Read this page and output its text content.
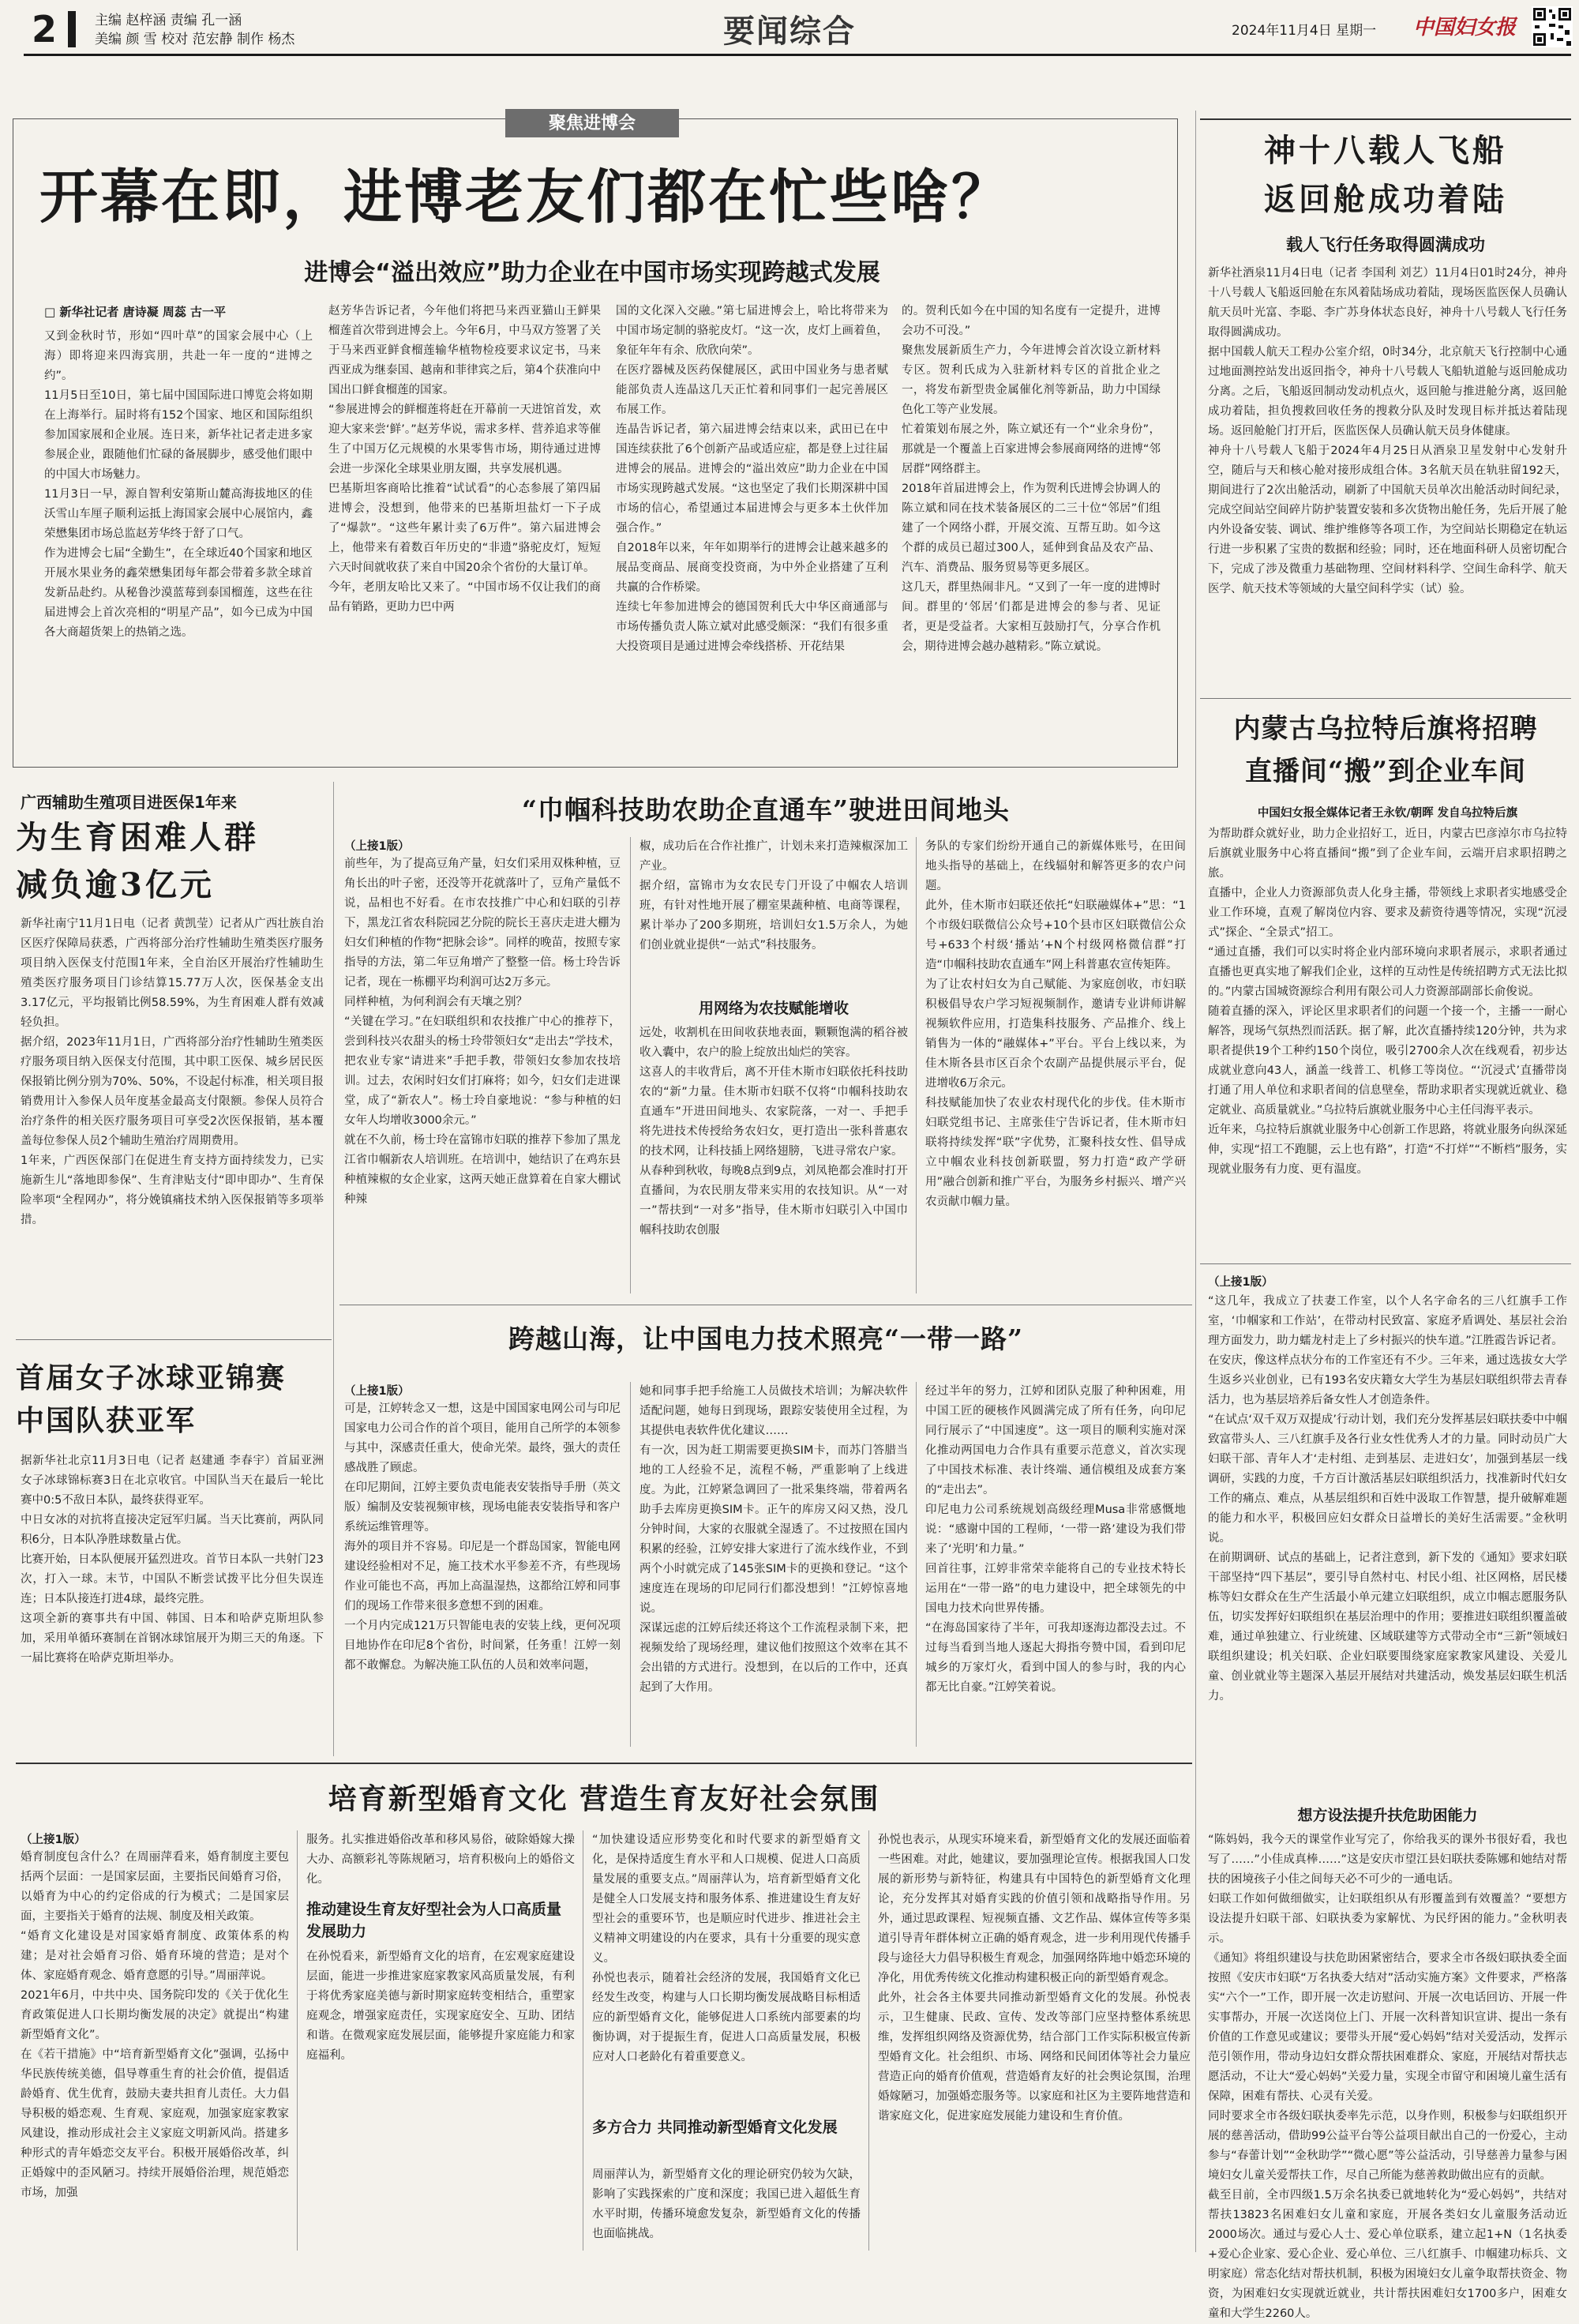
2	主编 赵梓涵 责编 孔一涵
美编 颜 雪 校对 范宏静 制作 杨杰	要闻综合	2024年11月4日 星期一	中国妇女报
聚焦进博会
开幕在即，进博老友们都在忙些啥？
进博会“溢出效应”助力企业在中国市场实现跨越式发展
□ 新华社记者 唐诗凝 周蕊 古一平
又到金秋时节，形如“四叶草”的国家会展中心（上海）即将迎来四海宾朋，共赴一年一度的“进博之约”。
11月5日至10日，第七届中国国际进口博览会将如期在上海举行。届时将有152个国家、地区和国际组织参加国家展和企业展。连日来，新华社记者走进多家参展企业，跟随他们忙碌的备展脚步，感受他们眼中的中国大市场魅力。
11月3日一早，源自智利安第斯山麓高海拔地区的佳沃雪山车厘子顺利运抵上海国家会展中心展馆内，鑫荣懋集团市场总监赵芳华终于舒了口气。
作为进博会七届“全勤生”，在全球近40个国家和地区开展水果业务的鑫荣懋集团每年都会带着多款全球首发新品赴约。从秘鲁沙漠蓝莓到泰国榴莲，这些在往届进博会上首次亮相的“明星产品”，如今已成为中国各大商超货架上的热销之选。
赵芳华告诉记者，今年他们将把马来西亚猫山王鲜果榴莲首次带到进博会上。今年6月，中马双方签署了关于马来西亚鲜食榴莲输华植物检疫要求议定书，马来西亚成为继泰国、越南和菲律宾之后，第4个获准向中国出口鲜食榴莲的国家。
“参展进博会的鲜榴莲将赶在开幕前一天进馆首发，欢迎大家来尝‘鲜’。”赵芳华说，需求多样、营养追求等催生了中国万亿元规模的水果零售市场，期待通过进博会进一步深化全球果业朋友圈，共享发展机遇。
巴基斯坦客商哈比推着“试试看”的心态参展了第四届进博会，没想到，他带来的巴基斯坦盐灯一下子成了“爆款”。“这些年累计卖了6万件”。第六届进博会上，他带来有着数百年历史的“非遗”骆驼皮灯，短短六天时间就收获了来自中国20余个省份的大量订单。
今年，老朋友哈比又来了。“中国市场不仅让我们的商品有销路，更助力巴中两
国的文化深入交融。”第七届进博会上，哈比将带来为中国市场定制的骆驼皮灯。“这一次，皮灯上画着鱼，象征年年有余、欣欣向荣”。
在医疗器械及医药保健展区，武田中国业务与患者赋能部负责人连晶这几天正忙着和同事们一起完善展区布展工作。
连晶告诉记者，第六届进博会结束以来，武田已在中国连续获批了6个创新产品或适应症，都是登上过往届进博会的展品。进博会的“溢出效应”助力企业在中国市场实现跨越式发展。“这也坚定了我们长期深耕中国市场的信心，希望通过本届进博会与更多本土伙伴加强合作。”
自2018年以来，年年如期举行的进博会让越来越多的展品变商品、展商变投资商，为中外企业搭建了互利共赢的合作桥梁。
连续七年参加进博会的德国贺利氏大中华区商通部与市场传播负责人陈立斌对此感受颇深：“我们有很多重大投资项目是通过进博会牵线搭桥、开花结果
的。贺利氏如今在中国的知名度有一定提升，进博会功不可没。”
聚焦发展新质生产力，今年进博会首次设立新材料专区。贺利氏成为入驻新材料专区的首批企业之一，将发布新型贵金属催化剂等新品，助力中国绿色化工等产业发展。
忙着策划布展之外，陈立斌还有一个“业余身份”，那就是一个覆盖上百家进博会参展商网络的进博“邻居群”网络群主。
2018年首届进博会上，作为贺利氏进博会协调人的陈立斌和同在技术装备展区的二三十位“邻居”们组建了一个网络小群，开展交流、互帮互助。如今这个群的成员已超过300人，延伸到食品及农产品、汽车、消费品、服务贸易等更多展区。
这几天，群里热闹非凡。“又到了一年一度的进博时间。群里的‘邻居’们都是进博会的参与者、见证者，更是受益者。大家相互鼓励打气，分享合作机会，期待进博会越办越精彩。”陈立斌说。
神十八载人飞船
返回舱成功着陆
载人飞行任务取得圆满成功
新华社酒泉11月4日电（记者 李国利 刘艺）11月4日01时24分，神舟十八号载人飞船返回舱在东风着陆场成功着陆，现场医监医保人员确认航天员叶光富、李聪、李广苏身体状态良好，神舟十八号载人飞行任务取得圆满成功。
据中国载人航天工程办公室介绍，0时34分，北京航天飞行控制中心通过地面测控站发出返回指令，神舟十八号载人飞船轨道舱与返回舱成功分离。之后，飞船返回制动发动机点火，返回舱与推进舱分离，返回舱成功着陆，担负搜救回收任务的搜救分队及时发现目标并抵达着陆现场。返回舱舱门打开后，医监医保人员确认航天员身体健康。
神舟十八号载人飞船于2024年4月25日从酒泉卫星发射中心发射升空，随后与天和核心舱对接形成组合体。3名航天员在轨驻留192天，期间进行了2次出舱活动，刷新了中国航天员单次出舱活动时间纪录，完成空间站空间碎片防护装置安装和多次货物出舱任务，先后开展了舱内外设备安装、调试、维护维修等各项工作，为空间站长期稳定在轨运行进一步积累了宝贵的数据和经验；同时，还在地面科研人员密切配合下，完成了涉及微重力基础物理、空间材料科学、空间生命科学、航天医学、航天技术等领域的大量空间科学实（试）验。
内蒙古乌拉特后旗将招聘
直播间“搬”到企业车间
中国妇女报全媒体记者王永钦/朝晖 发自乌拉特后旗
为帮助群众就好业，助力企业招好工，近日，内蒙古巴彦淖尔市乌拉特后旗就业服务中心将直播间“搬”到了企业车间，云端开启求职招聘之旅。
直播中，企业人力资源部负责人化身主播，带领线上求职者实地感受企业工作环境，直观了解岗位内容、要求及薪资待遇等情况，实现“沉浸式”探企、“全景式”招工。
“通过直播，我们可以实时将企业内部环境向求职者展示，求职者通过直播也更真实地了解我们企业，这样的互动性是传统招聘方式无法比拟的。”内蒙古国城资源综合利用有限公司人力资源部副部长俞俊说。
随着直播的深入，评论区里求职者们的问题一个接一个，主播一一耐心解答，现场气氛热烈而活跃。据了解，此次直播持续120分钟，共为求职者提供19个工种约150个岗位，吸引2700余人次在线观看，初步达成就业意向43人，涵盖一线普工、机修工等岗位。“‘沉浸式’直播带岗打通了用人单位和求职者间的信息壁垒，帮助求职者实现就近就业、稳定就业、高质量就业。”乌拉特后旗就业服务中心主任闫海平表示。
近年来，乌拉特后旗就业服务中心创新工作思路，将就业服务向纵深延伸，实现“招工不跑腿，云上也有路”，打造“不打烊”“不断档”服务，实现就业服务有力度、更有温度。
广西辅助生殖项目进医保1年来
为生育困难人群
减负逾3亿元
新华社南宁11月1日电（记者 黄凯莹）记者从广西壮族自治区医疗保障局获悉，广西将部分治疗性辅助生殖类医疗服务项目纳入医保支付范围1年来，全自治区开展治疗性辅助生殖类医疗服务项目门诊结算15.77万人次，医保基金支出3.17亿元，平均报销比例58.59%，为生育困难人群有效减轻负担。
据介绍，2023年11月1日，广西将部分治疗性辅助生殖类医疗服务项目纳入医保支付范围，其中职工医保、城乡居民医保报销比例分别为70%、50%，不设起付标准，相关项目报销费用计入参保人员年度基金最高支付限额。参保人员符合治疗条件的相关医疗服务项目可享受2次医保报销，基本覆盖每位参保人员2个辅助生殖治疗周期费用。
1年来，广西医保部门在促进生育支持方面持续发力，已实施新生儿“落地即参保”、生育津贴支付“即申即办”、生育保险率项“全程网办”，将分娩镇痛技术纳入医保报销等多项举措。
首届女子冰球亚锦赛
中国队获亚军
据新华社北京11月3日电（记者 赵建通 李春宇）首届亚洲女子冰球锦标赛3日在北京收官。中国队当天在最后一轮比赛中0:5不敌日本队，最终获得亚军。
中日女冰的对抗将直接决定冠军归属。当天比赛前，两队同积6分，日本队净胜球数量占优。
比赛开始，日本队便展开猛烈进攻。首节日本队一共射门23次，打入一球。末节，中国队不断尝试拨平比分但失误连连；日本队接连打进4球，最终完胜。
这项全新的赛事共有中国、韩国、日本和哈萨克斯坦队参加，采用单循环赛制在首钢冰球馆展开为期三天的角逐。下一届比赛将在哈萨克斯坦举办。
“巾帼科技助农助企直通车”驶进田间地头
（上接1版）
前些年，为了提高豆角产量，妇女们采用双株种植，豆角长出的叶子密，还没等开花就落叶了，豆角产量低不说，品相也不好看。在市农技推广中心和妇联的引荐下，黑龙江省农科院园艺分院的院长王喜庆走进大棚为妇女们种植的作物“把脉会诊”。同样的晚苗，按照专家指导的方法，第二年豆角增产了整整一倍。杨士玲告诉记者，现在一栋棚平均利润可达2万多元。
同样种植，为何利润会有天壤之别？
“关键在学习。”在妇联组织和农技推广中心的推荐下，尝到科技兴农甜头的杨士玲带领妇女“走出去”学技术，把农业专家“请进来”手把手教，带领妇女参加农技培训。过去，农闲时妇女们打麻将；如今，妇女们走进课堂，成了“新农人”。杨士玲自豪地说：“参与种植的妇女年人均增收3000余元。”
就在不久前，杨士玲在富锦市妇联的推荐下参加了黑龙江省巾帼新农人培训班。在培训中，她结识了在鸡东县种植辣椒的女企业家，这两天她正盘算着在自家大棚试种辣
椒，成功后在合作社推广，计划未来打造辣椒深加工产业。
据介绍，富锦市为女农民专门开设了中帼农人培训班，有针对性地开展了棚室果蔬种植、电商等课程，累计举办了200多期班，培训妇女1.5万余人，为她们创业就业提供“一站式”科技服务。
用网络为农技赋能增收
远处，收割机在田间收获地表面，颗颗饱满的稻谷被收入囊中，农户的脸上绽放出灿烂的笑容。
这喜人的丰收背后，离不开佳木斯市妇联依托科技助农的“新”力量。佳木斯市妇联不仅将“巾帼科技助农直通车”开进田间地头、农家院落，一对一、手把手将先进技术传授给务农妇女，更打造出一张科普惠农的技术网，让科技插上网络翅膀，飞进寻常农户家。
从春种到秋收，每晚8点到9点，刘凤艳都会准时打开直播间，为农民朋友带来实用的农技知识。从“一对一”帮扶到“一对多”指导，佳木斯市妇联引入中国巾帼科技助农创服
务队的专家们纷纷开通自己的新媒体账号，在田间地头指导的基础上，在线辐射和解答更多的农户问题。
此外，佳木斯市妇联还依托“妇联融媒体+”思：“1个市级妇联微信公众号+10个县市区妇联微信公众号+633个村级‘播站’+N个村级网格微信群”打造“巾帼科技助农直通车”网上科普惠农宣传矩阵。
为了让农村妇女为自己赋能、为家庭创收，市妇联积极倡导农户学习短视频制作，邀请专业讲师讲解视频软件应用，打造集科技服务、产品推介、线上销售为一体的“融媒体+”平台。平台上线以来，为佳木斯各县市区百余个农副产品提供展示平台，促进增收6万余元。
科技赋能加快了农业农村现代化的步伐。佳木斯市妇联党组书记、主席张佳宁告诉记者，佳木斯市妇联将持续发挥“联”字优势，汇聚科技女性、倡导成立中帼农业科技创新联盟，努力打造“政产学研用”融合创新和推广平台，为服务乡村振兴、增产兴农贡献巾帼力量。
跨越山海，让中国电力技术照亮“一带一路”
（上接1版）
可是，江婷转念又一想，这是中国国家电网公司与印尼国家电力公司合作的首个项目，能用自己所学的本领参与其中，深感责任重大，使命光荣。最终，强大的责任感战胜了顾虑。
在印尼期间，江婷主要负责电能表安装指导手册（英文版）编制及安装视频审核，现场电能表安装指导和客户系统运维管理等。
海外的项目并不容易。印尼是一个群岛国家，智能电网建设经验相对不足，施工技术水平参差不齐，有些现场作业可能也不高，再加上高温湿热，这都给江婷和同事们的现场工作带来很多意想不到的困难。
一个月内完成121万只智能电表的安装上线，更何况项目地协作在印尼8个省份，时间紧，任务重！江婷一刻都不敢懈怠。为解决施工队伍的人员和效率问题，
她和同事手把手给施工人员做技术培训；为解决软件适配问题，她每日到现场，跟踪安装使用全过程，为其提供电表软件优化建议……
有一次，因为赶工期需要更换SIM卡，而苏门答腊当地的工人经验不足，流程不畅，严重影响了上线进度。为此，江婷紧急调回了一批采集终端，带着两名助手去库房更换SIM卡。正午的库房又闷又热，没几分钟时间，大家的衣服就全湿透了。不过按照在国内积累的经验，江婷安排大家进行了流水线作业，不到两个小时就完成了145张SIM卡的更换和登记。“这个速度连在现场的印尼同行们都没想到！”江婷惊喜地说。
深谋远虑的江婷后续还将这个工作流程录制下来，把视频发给了现场经理，建议他们按照这个效率在其不会出错的方式进行。没想到，在以后的工作中，还真起到了大作用。
经过半年的努力，江婷和团队克服了种种困难，用中国工匠的硬核作风圆满完成了所有任务，向印尼同行展示了“中国速度”。这一项目的顺利实施对深化推动两国电力合作具有重要示范意义，首次实现了中国技术标准、表计终端、通信模组及成套方案的“走出去”。
印尼电力公司系统规划高级经理Musa非常感慨地说：“感谢中国的工程师，‘一带一路’建设为我们带来了‘光明’和力量。”
回首往事，江婷非常荣幸能将自己的专业技术特长运用在“一带一路”的电力建设中，把全球领先的中国电力技术向世界传播。
“在海岛国家待了半年，可我却逐海边都没去过。不过每当看到当地人逐起大拇指夸赞中国，看到印尼城乡的万家灯火，看到中国人的参与时，我的内心都无比自豪。”江婷笑着说。
（上接1版）
“这几年，我成立了扶妻工作室，以个人名字命名的三八红旗手工作室，‘巾帼家和工作站’，在带动村民致富、家庭矛盾调处、基层社会治理方面发力，助力蠕龙村走上了乡村振兴的快车道。”江胜霞告诉记者。
在安庆，像这样点状分布的工作室还有不少。三年来，通过选拔女大学生返乡兴业创业，已有193名安庆籍女大学生为基层妇联组织带去青春活力，也为基层培养后备女性人才创造条件。
“在试点‘双千双万双提成’行动计划，我们充分发挥基层妇联扶委中中帼致富带头人、三八红旗手及各行业女性优秀人才的力量。同时动员广大妇联干部、青年人才‘走村组、走到基层、走进妇女’，加强到基层一线调研，实践的力度，千方百计激活基层妇联组织活力，找准新时代妇女工作的痛点、难点，从基层组织和百姓中汲取工作智慧，提升破解难题的能力和水平，积极回应妇女群众日益增长的美好生活需要。”金秋明说。
在前期调研、试点的基础上，记者注意到，新下发的《通知》要求妇联干部坚持“四下基层”，要引导自然村屯、村民小组、社区网格，居民楼栋等妇女群众在生产生活最小单元建立妇联组织，成立巾帼志愿服务队伍，切实发挥好妇联组织在基层治理中的作用；要推进妇联组织覆盖破难，通过单独建立、行业统建、区域联建等方式带动全市“三新”领域妇联组织建设；机关妇联、企业妇联要围绕家庭家教家风建设、关爱儿童、创业就业等主题深入基层开展结对共建活动，焕发基层妇联生机活力。
想方设法提升扶危助困能力
“陈妈妈，我今天的课堂作业写完了，你给我买的课外书很好看，我也写了……”小佳成真棒……”这是安庆市望江县妇联扶委陈娜和她结对帮扶的困境孩子小佳之间每天必不可少的一通电话。
妇联工作如何做细做实，让妇联组织从有形覆盖到有效覆盖？“要想方设法提升妇联干部、妇联执委为家解忧、为民纾困的能力。”金秋明表示。
《通知》将组织建设与扶危助困紧密结合，要求全市各级妇联执委全面按照《安庆市妇联“万名执委大结对”活动实施方案》文件要求，严格落实“六个一”工作，即开展一次走访慰问、开展一次电话回访、开展一件实事帮办，开展一次送岗位上门、开展一次科普知识宣讲、提出一条有价值的工作意见或建议；要带头开展“爱心妈妈”结对关爱活动，发挥示范引领作用，带动身边妇女群众帮扶困难群众、家庭，开展结对帮扶志愿活动，不让大“爱心妈妈”关爱力量，实现全市留守和困境儿童生活有保障，困难有帮扶、心灵有关爱。
同时要求全市各级妇联执委率先示范，以身作则，积极参与妇联组织开展的慈善活动，借助99公益平台等公益项目献出自己的一份爱心，主动参与“春蕾计划”“金秋助学”“微心愿”等公益活动，引导慈善力量参与困境妇女儿童关爱帮扶工作，尽自己所能为慈善救助做出应有的贡献。
截至目前，全市四级1.5万余名执委已就地转化为“爱心妈妈”，共结对帮扶13823名困难妇女儿童和家庭，开展各类妇女儿童服务活动近2000场次。通过与爱心人士、爱心单位联系，建立起1+N（1名执委+爱心企业家、爱心企业、爱心单位、三八红旗手、巾帼建功标兵、文明家庭）常态化结对帮扶机制，积极为困境妇女儿童争取帮扶资金、物资，为困难妇女实现就近就业，共计帮扶困难妇女1700多户，困难女童和大学生2260人。
培育新型婚育文化 营造生育友好社会氛围
（上接1版）
婚育制度包含什么？在周丽萍看来，婚育制度主要包括两个层面：一是国家层面，主要指民间婚育习俗，以婚育为中心的约定俗成的行为模式；二是国家层面，主要指关于婚育的法规、制度及相关政策。
“婚育文化建设是对国家婚育制度、政策体系的构建；是对社会婚育习俗、婚育环境的营造；是对个体、家庭婚育观念、婚育意愿的引导。”周丽萍说。
2021年6月，中共中央、国务院印发的《关于优化生育政策促进人口长期均衡发展的决定》就提出“构建新型婚育文化”。
在《若干措施》中“培育新型婚育文化”强调，弘扬中华民族传统美德，倡导尊重生育的社会价值，提倡适龄婚育、优生优育，鼓励夫妻共担育儿责任。大力倡导积极的婚恋观、生育观、家庭观，加强家庭家教家风建设，推动形成社会主义家庭文明新风尚。搭建多种形式的青年婚恋交友平台。积极开展婚俗改革，纠正婚嫁中的歪风陋习。持续开展婚俗治理，规范婚恋市场，加强
服务。扎实推进婚俗改革和移风易俗，破除婚嫁大操大办、高额彩礼等陈规陋习，培育积极向上的婚俗文化。
推动建设生育友好型社会为人口高质量发展助力
在孙悦看来，新型婚育文化的培育，在宏观家庭建设层面，能进一步推进家庭家教家风高质量发展，有利于将优秀家庭美德与新时期家庭转变相结合，重塑家庭观念，增强家庭责任，实现家庭安全、互助、团结和谐。在微观家庭发展层面，能够提升家庭能力和家庭福利。
“加快建设适应形势变化和时代要求的新型婚育文化，是保持适度生育水平和人口规模、促进人口高质量发展的重要支点。”周丽萍认为，培育新型婚育文化是健全人口发展支持和服务体系、推进建设生育友好型社会的重要环节，也是顺应时代进步、推进社会主义精神文明建设的内在要求，具有十分重要的现实意义。
孙悦也表示，随着社会经济的发展，我国婚育文化已经发生改变，构建与人口长期均衡发展战略目标相适应的新型婚育文化，能够促进人口系统内部要素的均衡协调，对于提振生育，促进人口高质量发展，积极应对人口老龄化有着重要意义。
多方合力 共同推动新型婚育文化发展
周丽萍认为，新型婚育文化的理论研究仍较为欠缺，影响了实践探索的广度和深度；我国已进入超低生育水平时期，传播环境愈发复杂，新型婚育文化的传播也面临挑战。
孙悦也表示，从现实环境来看，新型婚育文化的发展还面临着一些困难。对此，她建议，要加强理论宣传。根据我国人口发展的新形势与新特征，构建具有中国特色的新型婚育文化理论，充分发挥其对婚育实践的价值引领和战略指导作用。另外，通过思政课程、短视频直播、文艺作品、媒体宣传等多渠道引导青年群体树立正确的婚育观念，进一步利用现代传播手段与途径大力倡导积极生育观念，加强网络阵地中婚恋环境的净化，用优秀传统文化推动构建积极正向的新型婚育观念。
此外，社会各主体要共同推动新型婚育文化的发展。孙悦表示，卫生健康、民政、宣传、发改等部门应坚持整体系统思维，发挥组织网络及资源优势，结合部门工作实际积极宣传新型婚育文化。社会组织、市场、网络和民间团体等社会力量应营造正向的婚育价值观，营造婚育友好的社会舆论氛围，治理婚嫁陋习，加强婚恋服务等。以家庭和社区为主要阵地营造和谐家庭文化，促进家庭发展能力建设和生育价值。
